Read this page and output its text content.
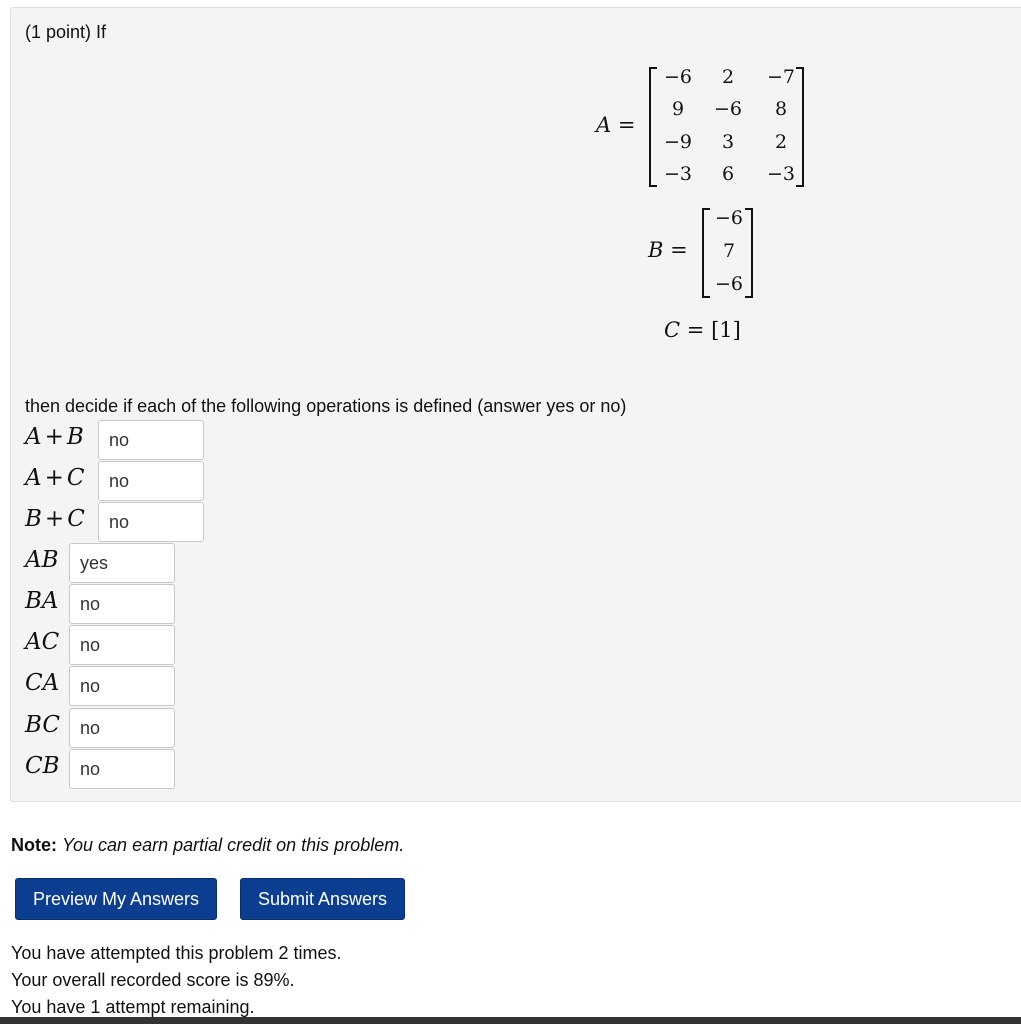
(1 point) If
A =
−6	2	−7
9	−6	8
−9	3	2
−3	6	−3
B =
−6
7
−6
C = [1]
then decide if each of the following operations is defined (answer yes or no)
A + B
no
A + C
no
B + C
no
AB
yes
BA
no
AC
no
CA
no
BC
no
CB
no
Note: You can earn partial credit on this problem.
Preview My Answers	Submit Answers
You have attempted this problem 2 times.
Your overall recorded score is 89%.
You have 1 attempt remaining.
